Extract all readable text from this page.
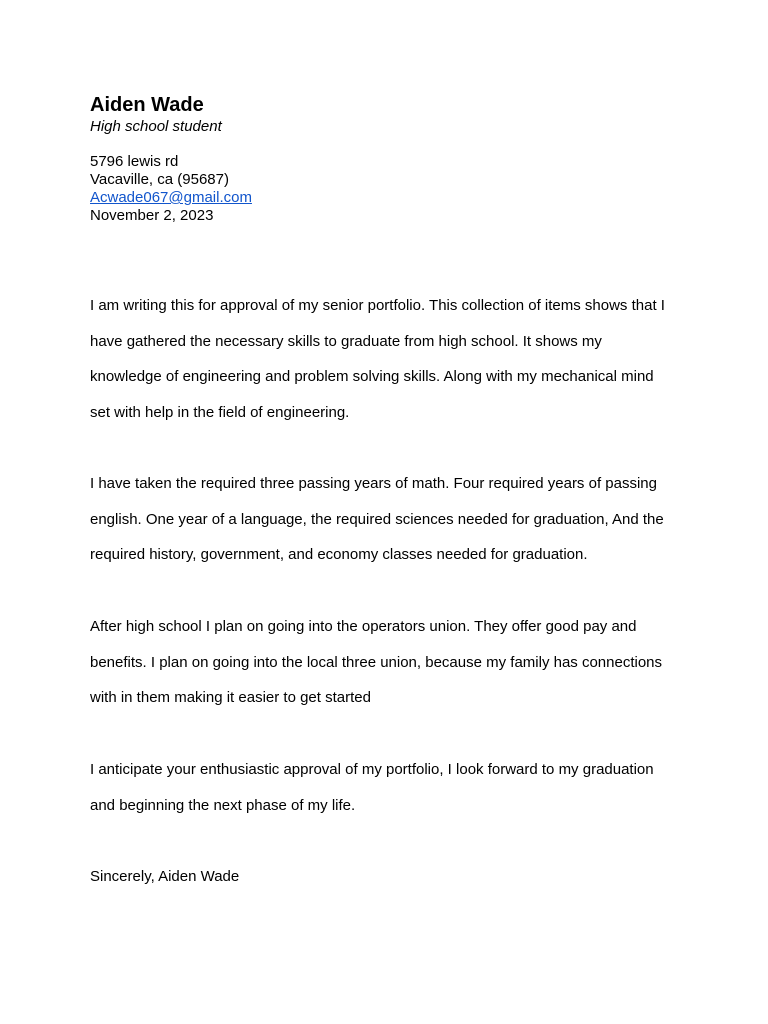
Aiden Wade

High school student

5796 lewis rd

Vacaville, ca (95687)

Acwade067@gmail.com

November 2, 2023

I am writing this for approval of my senior portfolio. This collection of items shows that I

have gathered the necessary skills to graduate from high school. It shows my

knowledge of engineering and problem solving skills. Along with my mechanical mind

set with help in the field of engineering.

I have taken the required three passing years of math. Four required years of passing

english. One year of a language, the required sciences needed for graduation, And the

required history, government, and economy classes needed for graduation.

After high school I plan on going into the operators union. They offer good pay and

benefits. I plan on going into the local three union, because my family has connections

with in them making it easier to get started

I anticipate your enthusiastic approval of my portfolio, I look forward to my graduation

and beginning the next phase of my life.

Sincerely, Aiden Wade
